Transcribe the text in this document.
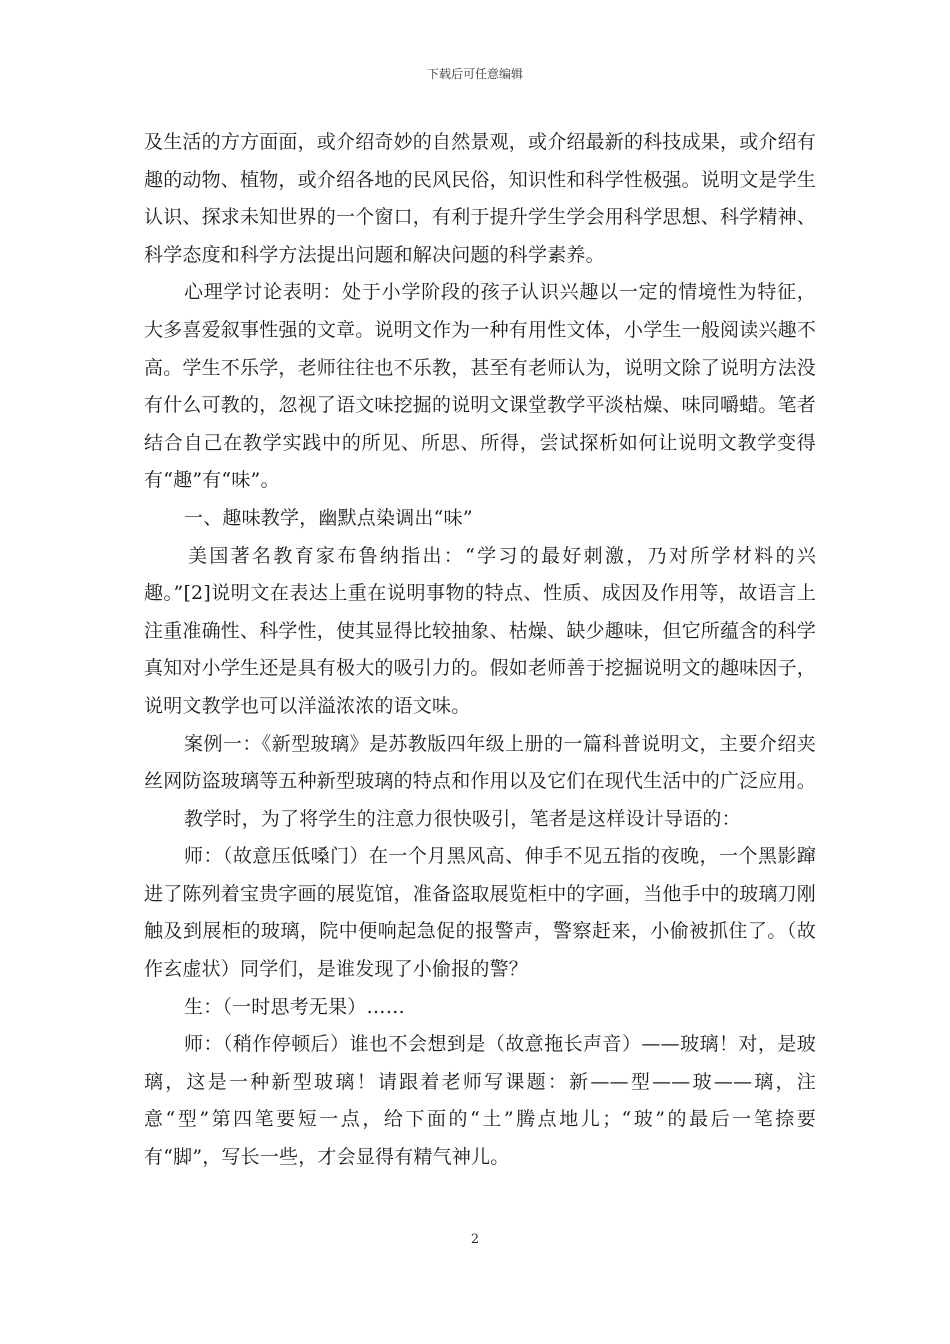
下载后可任意编辑

及生活的方方面面，或介绍奇妙的自然景观，或介绍最新的科技成果，或介绍有趣的动物、植物，或介绍各地的民风民俗，知识性和科学性极强。说明文是学生认识、探求未知世界的一个窗口，有利于提升学生学会用科学思想、科学精神、科学态度和科学方法提出问题和解决问题的科学素养。

心理学讨论表明：处于小学阶段的孩子认识兴趣以一定的情境性为特征，大多喜爱叙事性强的文章。说明文作为一种有用性文体，小学生一般阅读兴趣不高。学生不乐学，老师往往也不乐教，甚至有老师认为，说明文除了说明方法没有什么可教的，忽视了语文味挖掘的说明文课堂教学平淡枯燥、味同嚼蜡。笔者结合自己在教学实践中的所见、所思、所得，尝试探析如何让说明文教学变得有“趣”有“味”。

一、趣味教学，幽默点染调出“味”

美国著名教育家布鲁纳指出：“学习的最好刺激，乃对所学材料的兴趣。”[2]说明文在表达上重在说明事物的特点、性质、成因及作用等，故语言上注重准确性、科学性，使其显得比较抽象、枯燥、缺少趣味，但它所蕴含的科学真知对小学生还是具有极大的吸引力的。假如老师善于挖掘说明文的趣味因子，说明文教学也可以洋溢浓浓的语文味。

案例一：《新型玻璃》是苏教版四年级上册的一篇科普说明文，主要介绍夹丝网防盗玻璃等五种新型玻璃的特点和作用以及它们在现代生活中的广泛应用。

教学时，为了将学生的注意力很快吸引，笔者是这样设计导语的：

师：（故意压低嗓门）在一个月黑风高、伸手不见五指的夜晚，一个黑影蹿进了陈列着宝贵字画的展览馆，准备盗取展览柜中的字画，当他手中的玻璃刀刚触及到展柜的玻璃，院中便响起急促的报警声，警察赶来，小偷被抓住了。（故作玄虚状）同学们，是谁发现了小偷报的警？

生：（一时思考无果）……

师：（稍作停顿后）谁也不会想到是（故意拖长声音）——玻璃！对，是玻璃，这是一种新型玻璃！请跟着老师写课题：新——型——玻——璃，注意“型”第四笔要短一点，给下面的“土”腾点地儿；“玻”的最后一笔捺要有“脚”，写长一些，才会显得有精气神儿。

2
